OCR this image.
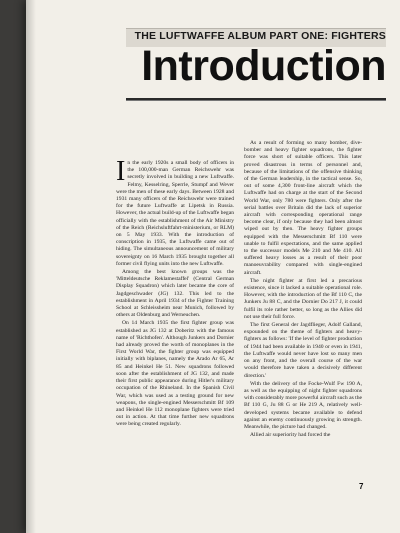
THE LUFTWAFFE ALBUM PART ONE: FIGHTERS
Introduction

In the early 1920s a small body of officers in the 100,000-man German Reichswehr was secretly involved in building a new Luftwaffe. Felmy, Kesselring, Sperrle, Stumpf and Wever were the men of these early days. Between 1928 and 1931 many officers of the Reichswehr were trained for the future Luftwaffe at Lipetsk in Russia. However, the actual build-up of the Luftwaffe began officially with the establishment of the Air Ministry of the Reich (Reichsluftfahrt-ministerium, or RLM) on 5 May 1933. With the introduction of conscription in 1935, the Luftwaffe came out of hiding. The simultaneous announcement of military sovereignty on 16 March 1935 brought together all former civil flying units into the new Luftwaffe.

Among the best known groups was the 'Mitteldeutsche Reklamestaffel' (Central German Display Squadron) which later became the core of Jagdgeschwader (JG) 132. This led to the establishment in April 1934 of the Fighter Training School at Schleissheim near Munich, followed by others at Oldenburg and Werneuchen.

On 14 March 1935 the first fighter group was established as JG 132 at Doberitz with the famous name of 'Richthofen'. Although Junkers and Dornier had already proved the worth of monoplanes in the First World War, the fighter group was equipped initially with biplanes, namely the Arado Ar 65, Ar 85 and Heinkel He 51. New squadrons followed soon after the establishment of JG 132, and made their first public appearance during Hitler's military occupation of the Rhineland. In the Spanish Civil War, which was used as a testing ground for new weapons, the single-engined Messerschmitt Bf 109 and Heinkel He 112 monoplane fighters were tried out in action. At that time further new squadrons were being created regularly.

As a result of forming so many bomber, dive-bomber and heavy fighter squadrons, the fighter force was short of suitable officers. This later proved disastrous in terms of personnel and, because of the limitations of the offensive thinking of the German leadership, in the tactical sense. So, out of some 4,300 front-line aircraft which the Luftwaffe had on charge at the start of the Second World War, only 780 were fighters. Only after the serial battles over Britain did the lack of superior aircraft with corresponding operational range become clear, if only because they had been almost wiped out by then. The heavy fighter groups equipped with the Messerschmitt Bf 110 were unable to fulfil expectations, and the same applied to the successor models Me 210 and Me 410. All suffered heavy losses as a result of their poor manoeuvrability compared with single-engined aircraft.

The night fighter at first led a precarious existence, since it lacked a suitable operational role. However, with the introduction of the Bf 110 C, the Junkers Ju 88 C, and the Dornier Do 217 J, it could fulfil its role rather better, so long as the Allies did not use their full force.

The first General der Jagdflieger, Adolf Galland, expounded on the theme of fighters and heavy-fighters as follows: 'If the level of fighter production of 1944 had been available in 1940 or even in 1941, the Luftwaffe would never have lost so many men on any front, and the overall course of the war would therefore have taken a decisively different direction.'

With the delivery of the Focke-Wulf Fw 190 A, as well as the equipping of night fighter squadrons with considerably more powerful aircraft such as the Bf 110 G, Ju 88 G or He 219 A, relatively well-developed systems became available to defend against an enemy continuously growing in strength. Meanwhile, the picture had changed.

Allied air superiority had forced the

7
